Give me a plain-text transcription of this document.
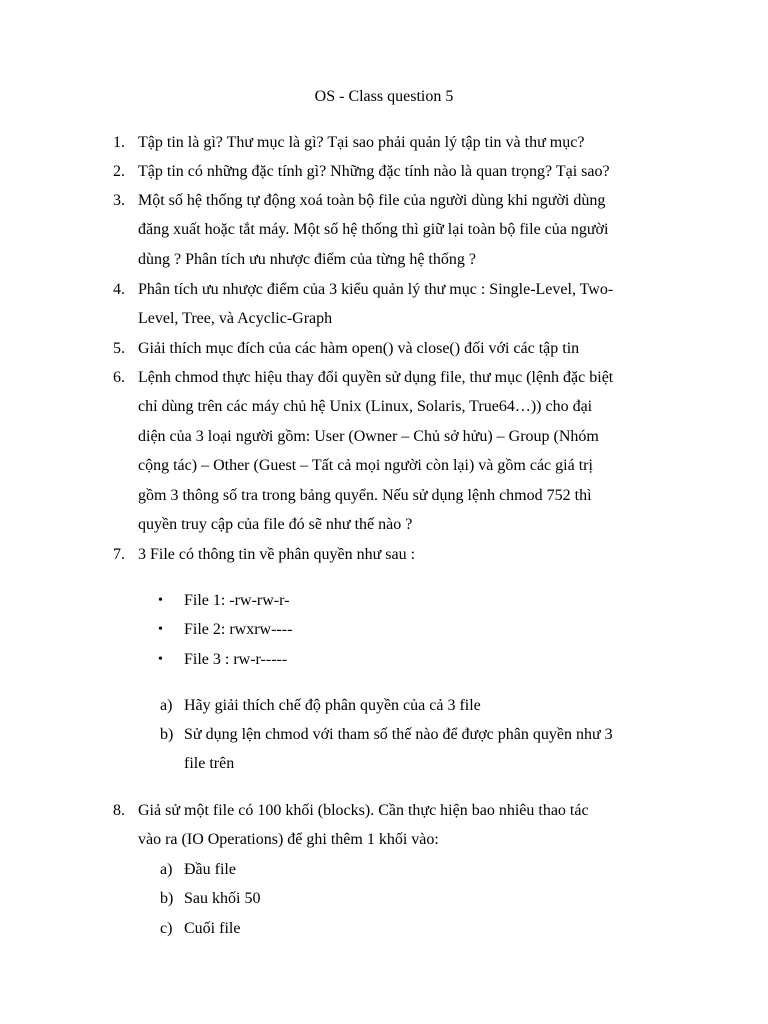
OS - Class question 5
1. Tập tin là gì? Thư mục là gì? Tại sao phải quản lý tập tin và thư mục?
2. Tập tin có những đặc tính gì? Những đặc tính nào là quan trọng? Tại sao?
3. Một số hệ thống tự động xoá toàn bộ file của người dùng khi người dùng
đăng xuất hoặc tắt máy. Một số hệ thống thì giữ lại toàn bộ file của người
dùng ? Phân tích ưu nhược điểm của từng hệ thống ?
4. Phân tích ưu nhược điểm của 3 kiểu quản lý thư mục : Single-Level, Two-
Level, Tree, và Acyclic-Graph
5. Giải thích mục đích của các hàm open() và close() đối với các tập tin
6. Lệnh chmod thực hiệu thay đổi quyền sử dụng file, thư mục (lệnh đặc biệt
chỉ dùng trên các máy chủ hệ Unix (Linux, Solaris, True64…)) cho đại
diện của 3 loại người gồm: User (Owner – Chủ sở hửu) – Group (Nhóm
cộng tác) – Other (Guest – Tất cả mọi người còn lại) và gồm các giá trị
gồm 3 thông số tra trong bảng quyển. Nếu sử dụng lệnh chmod 752 thì
quyền truy cập của file đó sẽ như thế nào ?
7. 3 File có thông tin về phân quyền như sau :
• File 1: -rw-rw-r-
• File 2: rwxrw----
• File 3 : rw-r-----
a) Hãy giải thích chế độ phân quyền của cả 3 file
b) Sử dụng lện chmod với tham số thế nào để được phân quyền như 3
file trên
8. Giả sử một file có 100 khối (blocks). Cần thực hiện bao nhiêu thao tác
vào ra (IO Operations) để ghi thêm 1 khối vào:
a) Đầu file
b) Sau khối 50
c) Cuối file
